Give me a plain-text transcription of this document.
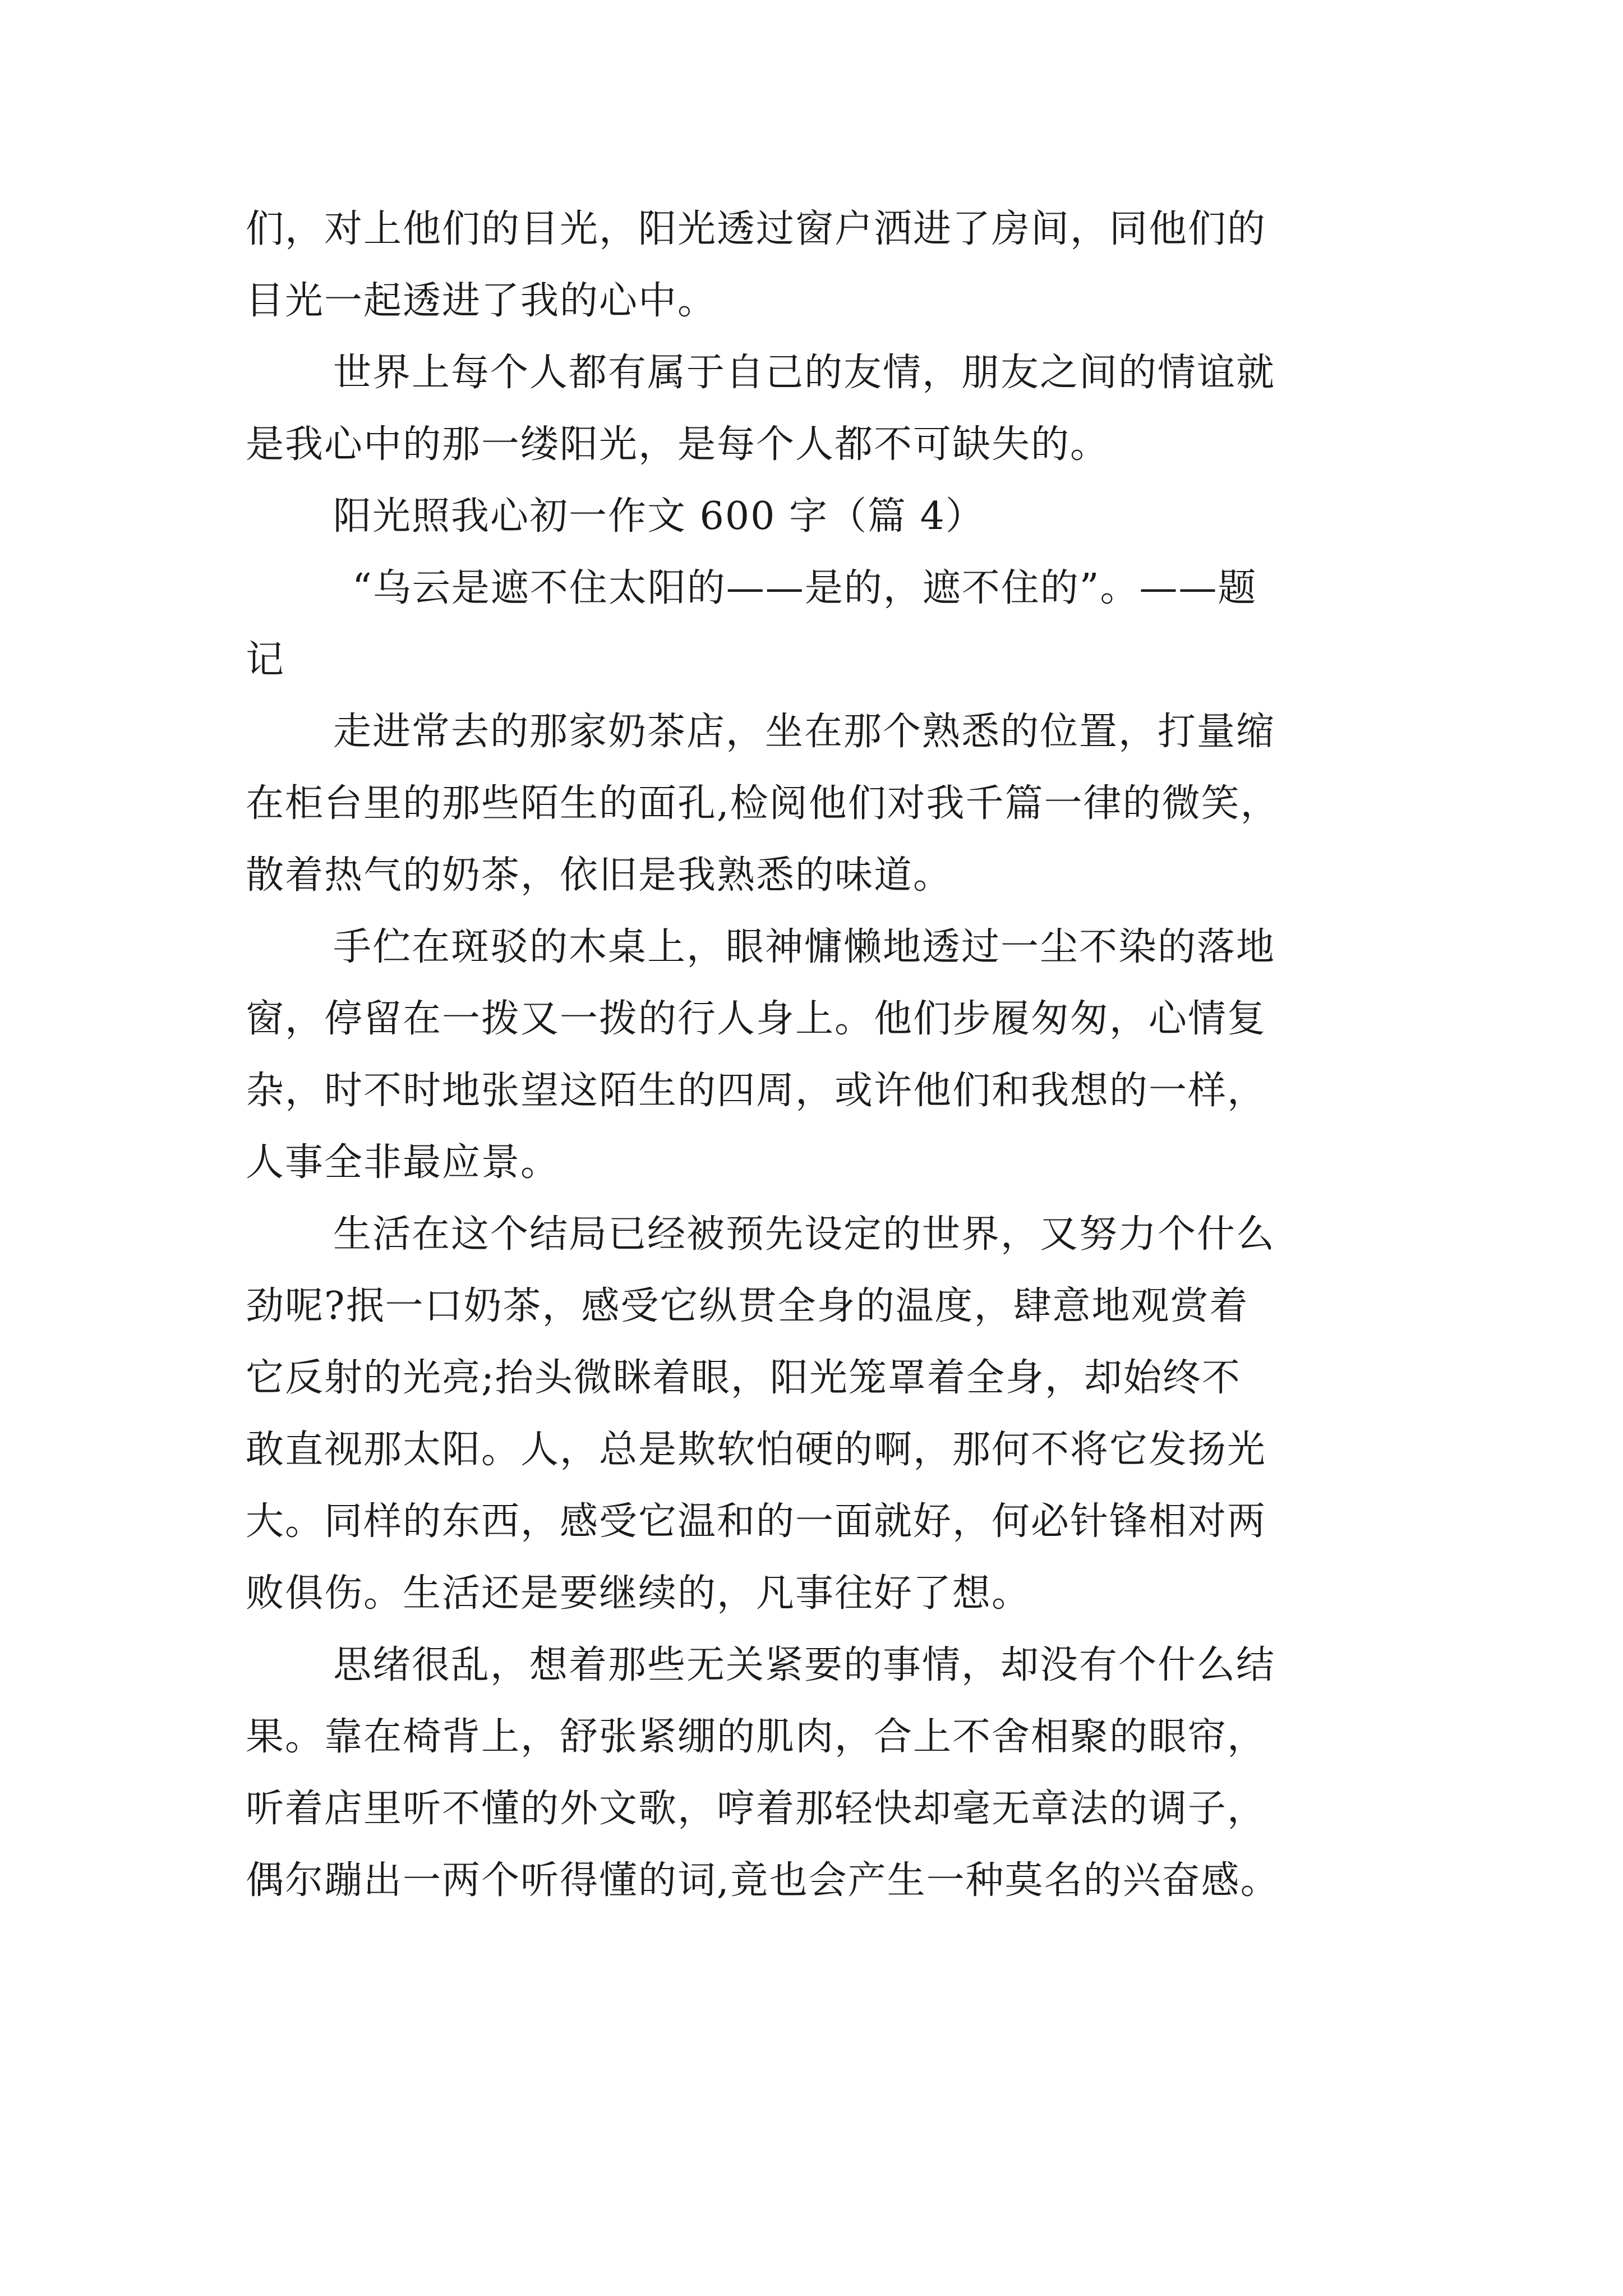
们，对上他们的目光，阳光透过窗户洒进了房间，同他们的
目光一起透进了我的心中。
世界上每个人都有属于自己的友情，朋友之间的情谊就
是我心中的那一缕阳光，是每个人都不可缺失的。
阳光照我心初一作文 600 字（篇 4）
“乌云是遮不住太阳的——是的，遮不住的”。——题
记
走进常去的那家奶茶店，坐在那个熟悉的位置，打量缩
在柜台里的那些陌生的面孔,检阅他们对我千篇一律的微笑，
散着热气的奶茶，依旧是我熟悉的味道。
手伫在斑驳的木桌上，眼神慵懒地透过一尘不染的落地
窗，停留在一拨又一拨的行人身上。他们步履匆匆，心情复
杂，时不时地张望这陌生的四周，或许他们和我想的一样，
人事全非最应景。
生活在这个结局已经被预先设定的世界，又努力个什么
劲呢?抿一口奶茶，感受它纵贯全身的温度，肆意地观赏着
它反射的光亮;抬头微眯着眼，阳光笼罩着全身，却始终不
敢直视那太阳。人，总是欺软怕硬的啊，那何不将它发扬光
大。同样的东西，感受它温和的一面就好，何必针锋相对两
败俱伤。生活还是要继续的，凡事往好了想。
思绪很乱，想着那些无关紧要的事情，却没有个什么结
果。靠在椅背上，舒张紧绷的肌肉，合上不舍相聚的眼帘，
听着店里听不懂的外文歌，哼着那轻快却毫无章法的调子，
偶尔蹦出一两个听得懂的词,竟也会产生一种莫名的兴奋感。
